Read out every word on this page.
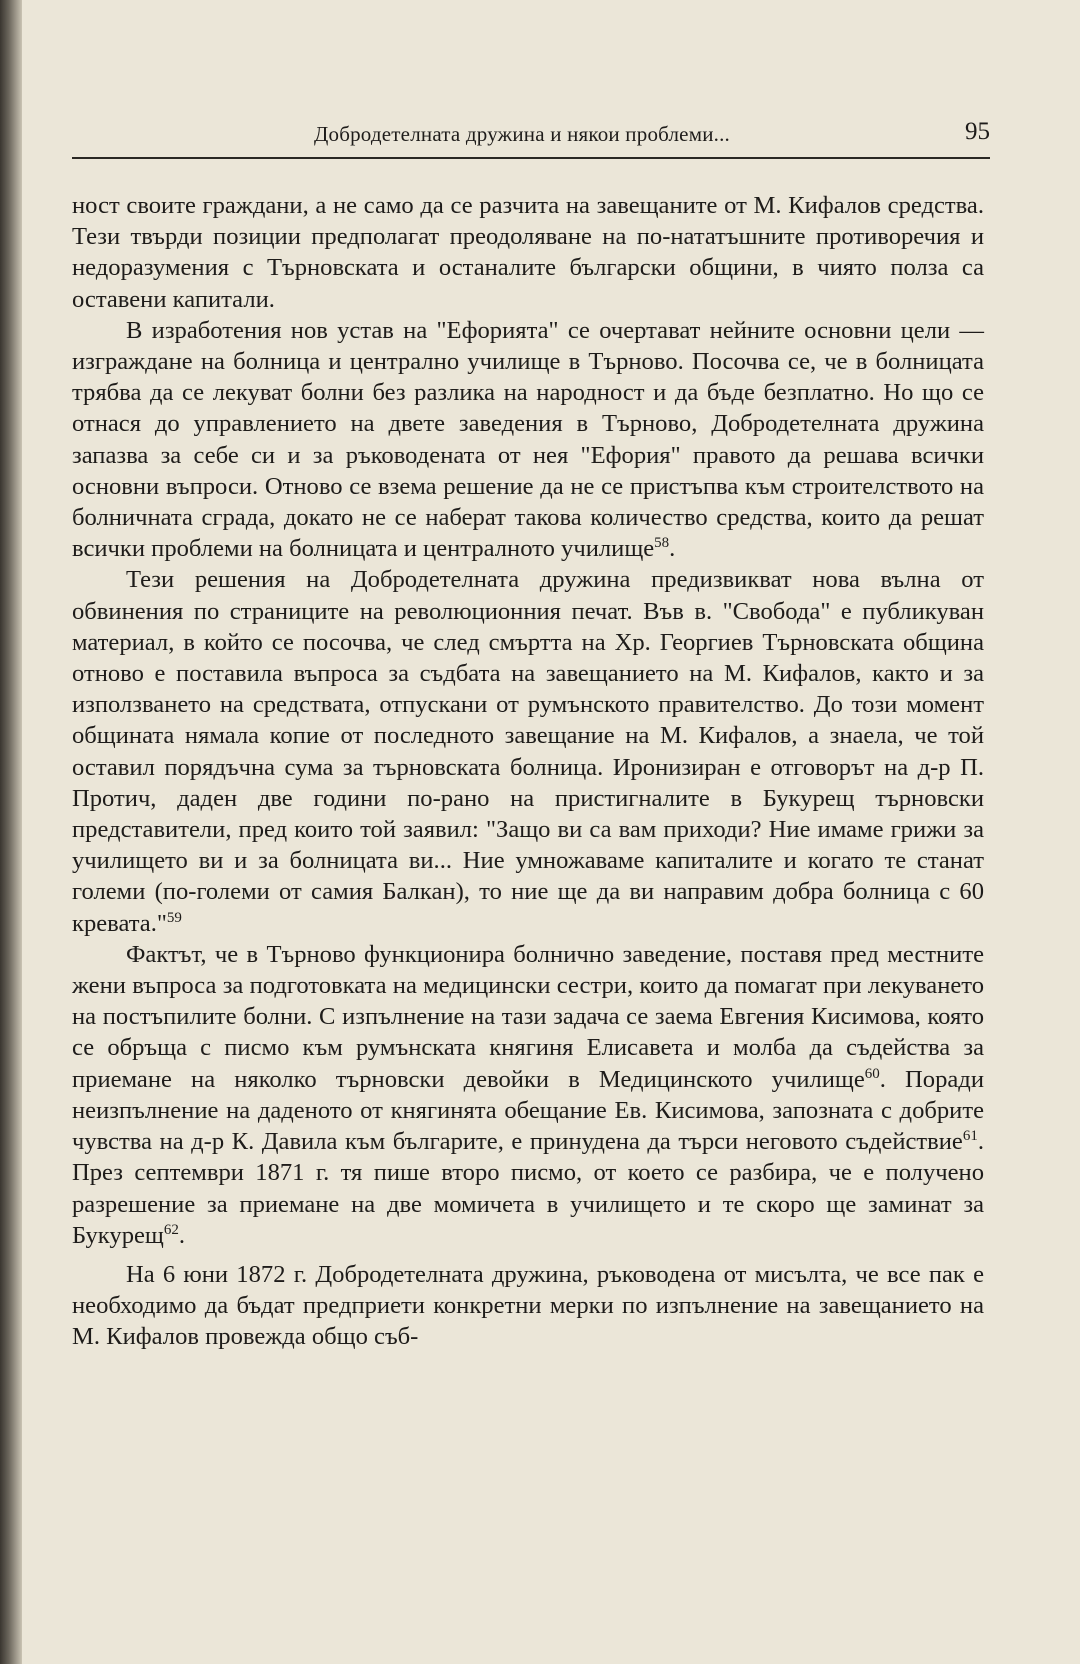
Добродетелната дружина и някои проблеми...	95

ност своите граждани, а не само да се разчита на завещаните от М. Кифалов средства. Тези твърди позиции предполагат преодоляване на по-нататъшните противоречия и недоразумения с Търновската и останалите български общини, в чиято полза са оставени капитали.

В изработения нов устав на "Ефорията" се очертават нейните основни цели — изграждане на болница и централно училище в Търново. Посочва се, че в болницата трябва да се лекуват болни без разлика на народност и да бъде безплатно. Но що се отнася до управлението на двете заведения в Търново, Добродетелната дружина запазва за себе си и за ръководената от нея "Ефория" правото да решава всички основни въпроси. Отново се взема решение да не се пристъпва към строителството на болничната сграда, докато не се наберат такова количество средства, които да решат всички проблеми на болницата и централното училище$^{58}$.

Тези решения на Добродетелната дружина предизвикват нова вълна от обвинения по страниците на революционния печат. Във в. "Свобода" е публикуван материал, в който се посочва, че след смъртта на Хр. Георгиев Търновската община отново е поставила въпроса за съдбата на завещанието на М. Кифалов, както и за използването на средствата, отпускани от румънското правителство. До този момент общината нямала копие от последното завещание на М. Кифалов, а знаела, че той оставил порядъчна сума за търновската болница. Иронизиран е отговорът на д-р П. Протич, даден две години по-рано на пристигналите в Букурещ търновски представители, пред които той заявил: "Защо ви са вам приходи? Ние имаме грижи за училището ви и за болницата ви... Ние умножаваме капиталите и когато те станат големи (по-големи от самия Балкан), то ние ще да ви направим добра болница с 60 кревата."$^{59}$

Фактът, че в Търново функционира болнично заведение, поставя пред местните жени въпроса за подготовката на медицински сестри, които да помагат при лекуването на постъпилите болни. С изпълнение на тази задача се заема Евгения Кисимова, която се обръща с писмо към румънската княгиня Елисавета и молба да съдейства за приемане на няколко търновски девойки в Медицинското училище$^{60}$. Поради неизпълнение на даденото от княгинята обещание Ев. Кисимова, запозната с добрите чувства на д-р К. Давила към българите, е принудена да търси неговото съдействие$^{61}$. През септември 1871 г. тя пише второ писмо, от което се разбира, че е получено разрешение за приемане на две момичета в училището и те скоро ще заминат за Букурещ$^{62}$.

На 6 юни 1872 г. Добродетелната дружина, ръководена от мисълта, че все пак е необходимо да бъдат предприети конкретни мерки по изпълнение на завещанието на М. Кифалов провежда общо съб-
